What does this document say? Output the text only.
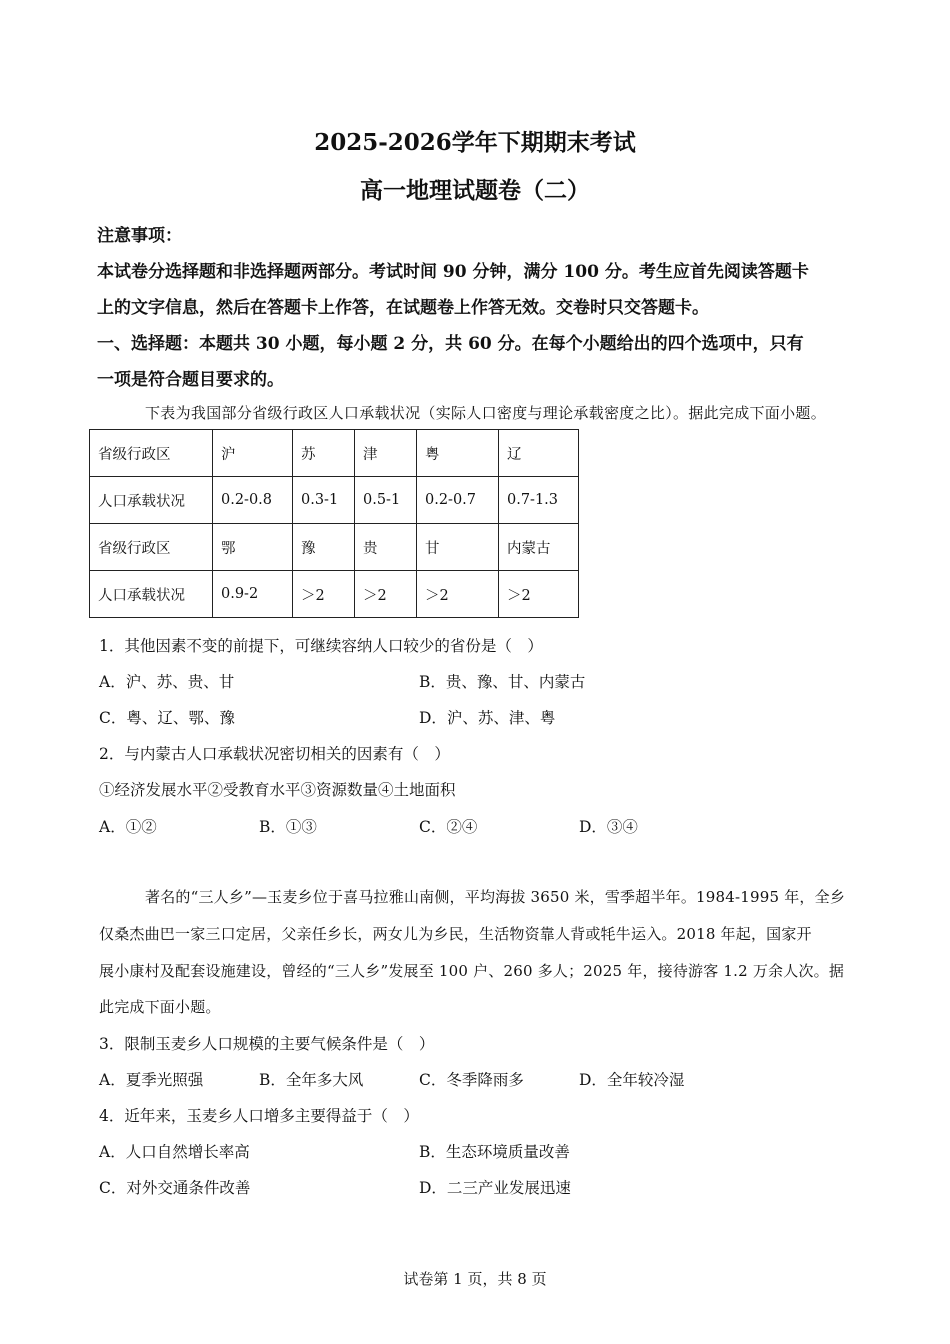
2025-2026学年下期期末考试
高一地理试题卷（二）
注意事项：
本试卷分选择题和非选择题两部分。考试时间 90 分钟，满分 100 分。考生应首先阅读答题卡
上的文字信息，然后在答题卡上作答，在试题卷上作答无效。交卷时只交答题卡。
一、选择题：本题共 30 小题，每小题 2 分，共 60 分。在每个小题给出的四个选项中，只有
一项是符合题目要求的。
下表为我国部分省级行政区人口承载状况（实际人口密度与理论承载密度之比）。据此完成下面小题。
省级行政区	沪	苏	津	粤	辽
人口承载状况	0.2-0.8	0.3-1	0.5-1	0.2-0.7	0.7-1.3
省级行政区	鄂	豫	贵	甘	内蒙古
人口承载状况	0.9-2	＞2	＞2	＞2	＞2
1．其他因素不变的前提下，可继续容纳人口较少的省份是（　）
A．沪、苏、贵、甘	B．贵、豫、甘、内蒙古
C．粤、辽、鄂、豫	D．沪、苏、津、粤
2．与内蒙古人口承载状况密切相关的因素有（　）
①经济发展水平②受教育水平③资源数量④土地面积
A．①②	B．①③	C．②④	D．③④
著名的“三人乡”—玉麦乡位于喜马拉雅山南侧，平均海拔 3650 米，雪季超半年。1984-1995 年，全乡
仅桑杰曲巴一家三口定居，父亲任乡长，两女儿为乡民，生活物资靠人背或牦牛运入。2018 年起，国家开
展小康村及配套设施建设，曾经的“三人乡”发展至 100 户、260 多人；2025 年，接待游客 1.2 万余人次。据
此完成下面小题。
3．限制玉麦乡人口规模的主要气候条件是（　）
A．夏季光照强	B．全年多大风	C．冬季降雨多	D．全年较冷湿
4．近年来，玉麦乡人口增多主要得益于（　）
A．人口自然增长率高	B．生态环境质量改善
C．对外交通条件改善	D．二三产业发展迅速
试卷第 1 页，共 8 页
